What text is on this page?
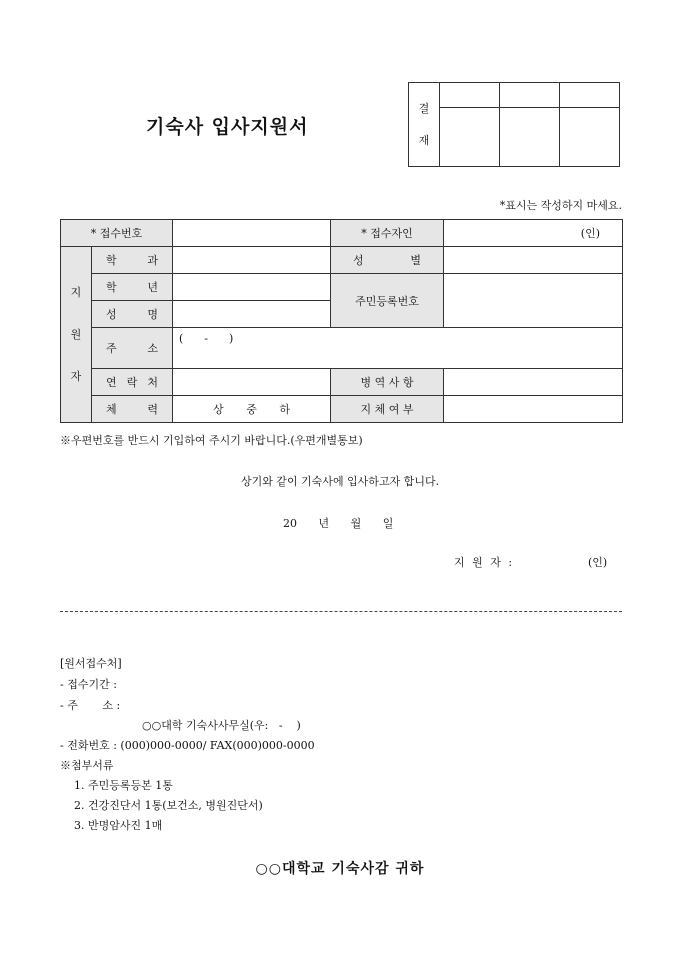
기숙사 입사지원서
결
재			

*표시는 작성하지 마세요.
* 접수번호			* 접수자인	(인)

지
원
자	학 과		성 별	
	학 년		주민등록번호	
	성 명			
	주 소	(      -      )		
	연 락 처		병 역 사 항	
	체 력	상 중 하	지 체 여 부	
※우편번호를 반드시 기입하여 주시기 바랍니다.(우편개별통보)
상기와 같이 기숙사에 입사하고자 합니다.
20 년 월 일
지 원 자 :	(인)
[원서접수처]
- 접수기간 :
- 주       소 :
○○대학 기숙사사무실(우:   -    )
- 전화번호 : (000)000-0000/ FAX(000)000-0000
※첨부서류
1. 주민등록등본 1통
2. 건강진단서 1통(보건소, 병원진단서)
3. 반명암사진 1매
○○대학교 기숙사감 귀하
